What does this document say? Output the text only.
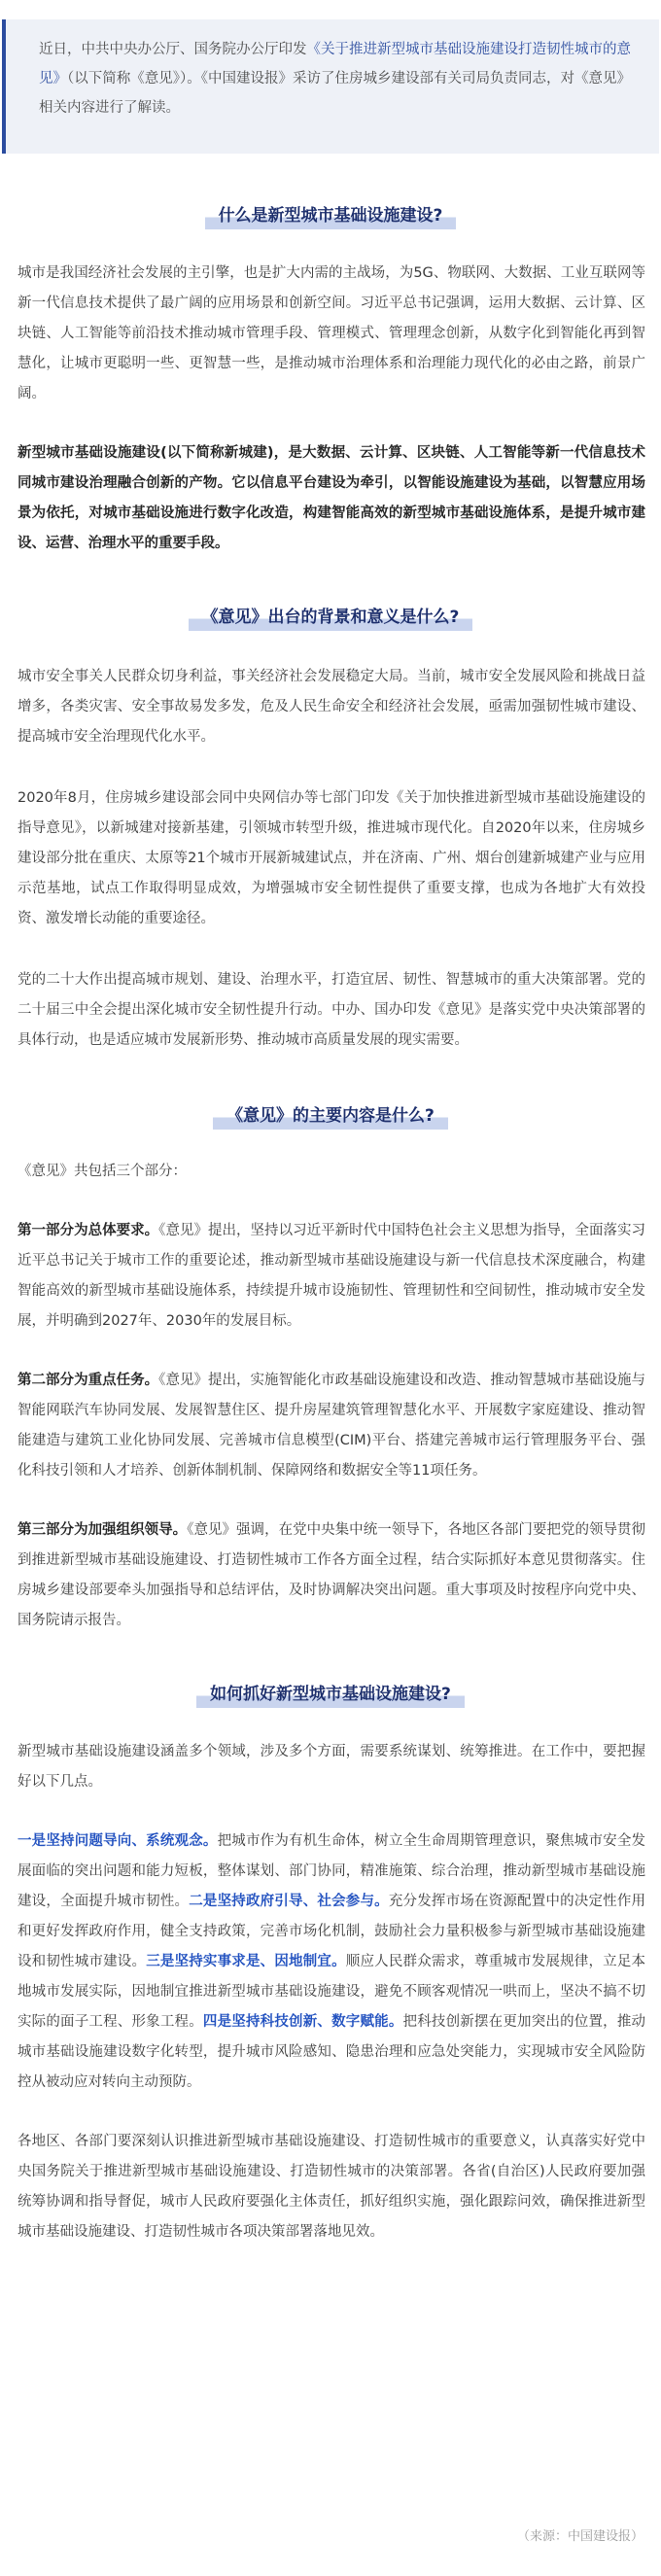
近日，中共中央办公厅、国务院办公厅印发《关于推进新型城市基础设施建设打造韧性城市的意见》（以下简称《意见》）。《中国建设报》采访了住房城乡建设部有关司局负责同志，对《意见》相关内容进行了解读。
什么是新型城市基础设施建设?

城市是我国经济社会发展的主引擎，也是扩大内需的主战场，为5G、物联网、大数据、工业互联网等新一代信息技术提供了最广阔的应用场景和创新空间。习近平总书记强调，运用大数据、云计算、区块链、人工智能等前沿技术推动城市管理手段、管理模式、管理理念创新，从数字化到智能化再到智慧化，让城市更聪明一些、更智慧一些，是推动城市治理体系和治理能力现代化的必由之路，前景广阔。

新型城市基础设施建设(以下简称新城建)，是大数据、云计算、区块链、人工智能等新一代信息技术同城市建设治理融合创新的产物。它以信息平台建设为牵引，以智能设施建设为基础，以智慧应用场景为依托，对城市基础设施进行数字化改造，构建智能高效的新型城市基础设施体系，是提升城市建设、运营、治理水平的重要手段。

《意见》出台的背景和意义是什么?

城市安全事关人民群众切身利益，事关经济社会发展稳定大局。当前，城市安全发展风险和挑战日益增多，各类灾害、安全事故易发多发，危及人民生命安全和经济社会发展，亟需加强韧性城市建设、提高城市安全治理现代化水平。

2020年8月，住房城乡建设部会同中央网信办等七部门印发《关于加快推进新型城市基础设施建设的指导意见》，以新城建对接新基建，引领城市转型升级，推进城市现代化。自2020年以来，住房城乡建设部分批在重庆、太原等21个城市开展新城建试点，并在济南、广州、烟台创建新城建产业与应用示范基地，试点工作取得明显成效，为增强城市安全韧性提供了重要支撑，也成为各地扩大有效投资、激发增长动能的重要途径。

党的二十大作出提高城市规划、建设、治理水平，打造宜居、韧性、智慧城市的重大决策部署。党的二十届三中全会提出深化城市安全韧性提升行动。中办、国办印发《意见》是落实党中央决策部署的具体行动，也是适应城市发展新形势、推动城市高质量发展的现实需要。

《意见》的主要内容是什么?

《意见》共包括三个部分：

第一部分为总体要求。《意见》提出，坚持以习近平新时代中国特色社会主义思想为指导，全面落实习近平总书记关于城市工作的重要论述，推动新型城市基础设施建设与新一代信息技术深度融合，构建智能高效的新型城市基础设施体系，持续提升城市设施韧性、管理韧性和空间韧性，推动城市安全发展，并明确到2027年、2030年的发展目标。

第二部分为重点任务。《意见》提出，实施智能化市政基础设施建设和改造、推动智慧城市基础设施与智能网联汽车协同发展、发展智慧住区、提升房屋建筑管理智慧化水平、开展数字家庭建设、推动智能建造与建筑工业化协同发展、完善城市信息模型(CIM)平台、搭建完善城市运行管理服务平台、强化科技引领和人才培养、创新体制机制、保障网络和数据安全等11项任务。

第三部分为加强组织领导。《意见》强调，在党中央集中统一领导下，各地区各部门要把党的领导贯彻到推进新型城市基础设施建设、打造韧性城市工作各方面全过程，结合实际抓好本意见贯彻落实。住房城乡建设部要牵头加强指导和总结评估，及时协调解决突出问题。重大事项及时按程序向党中央、国务院请示报告。

如何抓好新型城市基础设施建设?

新型城市基础设施建设涵盖多个领域，涉及多个方面，需要系统谋划、统筹推进。在工作中，要把握好以下几点。

一是坚持问题导向、系统观念。把城市作为有机生命体，树立全生命周期管理意识，聚焦城市安全发展面临的突出问题和能力短板，整体谋划、部门协同，精准施策、综合治理，推动新型城市基础设施建设，全面提升城市韧性。二是坚持政府引导、社会参与。充分发挥市场在资源配置中的决定性作用和更好发挥政府作用，健全支持政策，完善市场化机制，鼓励社会力量积极参与新型城市基础设施建设和韧性城市建设。三是坚持实事求是、因地制宜。顺应人民群众需求，尊重城市发展规律，立足本地城市发展实际，因地制宜推进新型城市基础设施建设，避免不顾客观情况一哄而上，坚决不搞不切实际的面子工程、形象工程。四是坚持科技创新、数字赋能。把科技创新摆在更加突出的位置，推动城市基础设施建设数字化转型，提升城市风险感知、隐患治理和应急处突能力，实现城市安全风险防控从被动应对转向主动预防。

各地区、各部门要深刻认识推进新型城市基础设施建设、打造韧性城市的重要意义，认真落实好党中央国务院关于推进新型城市基础设施建设、打造韧性城市的决策部署。各省(自治区)人民政府要加强统筹协调和指导督促，城市人民政府要强化主体责任，抓好组织实施，强化跟踪问效，确保推进新型城市基础设施建设、打造韧性城市各项决策部署落地见效。

（来源：中国建设报）
